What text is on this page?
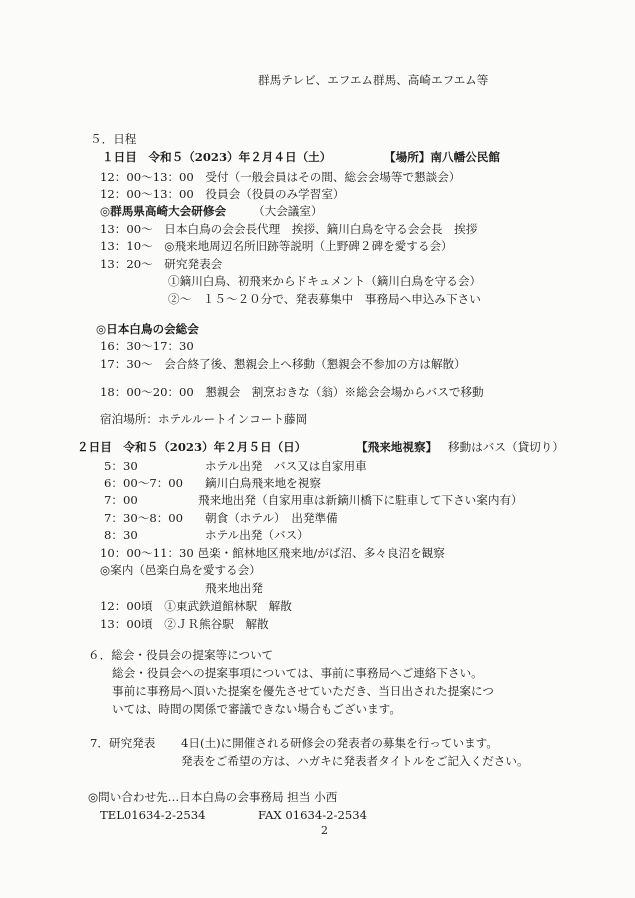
群馬テレビ、エフエム群馬、高崎エフエム等
５．日程
１日目　令和５（2023）年２月４日（土）	【場所】南八幡公民館
12：00～13：00　受付（一般会員はその間、総会会場等で懇談会）
12：00～13：00　役員会（役員のみ学習室）
◎群馬県高崎大会研修会 （大会議室）
13：00～　日本白鳥の会会長代理　挨拶、鏑川白鳥を守る会会長　挨拶
13：10～　◎飛来地周辺名所旧跡等説明（上野碑２碑を愛する会）
13：20～　研究発表会
①鏑川白鳥、初飛来からドキュメント（鏑川白鳥を守る会）
②～　１５～２０分で、発表募集中　事務局へ申込み下さい
◎日本白鳥の会総会
16：30～17：30
17：30～　会合終了後、懇親会上へ移動（懇親会不参加の方は解散）
18：00～20：00　懇親会　割烹おきな（翁）※総会会場からバスで移動
宿泊場所：ホテルルートインコート藤岡
２日目　令和５（2023）年２月５日（日）	【飛来地視察】 移動はバス（貸切り）
5：30	ホテル出発　バス又は自家用車
6：00～7：00 鏑川白鳥飛来地を視察
7：00	飛来地出発（自家用車は新鏑川橋下に駐車して下さい案内有）
7：30～8：00 朝食（ホテル）　出発準備
8：30	ホテル出発（バス）
10：00～11：30 邑楽・館林地区飛来地/がば沼、多々良沼を観察
◎案内（邑楽白鳥を愛する会）
飛来地出発
12：00頃　①東武鉄道館林駅　解散
13：00頃　②ＪＲ熊谷駅　解散
６．総会・役員会の提案等について
総会・役員会への提案事項については、事前に事務局へご連絡下さい。
事前に事務局へ頂いた提案を優先させていただき、当日出された提案につ
いては、時間の関係で審議できない場合もございます。
7．研究発表 4日(土)に開催される研修会の発表者の募集を行っています。
発表をご希望の方は、ハガキに発表者タイトルをご記入ください。
◎問い合わせ先…日本白鳥の会事務局 担当 小西
TEL01634-2-2534	FAX 01634-2-2534
2
